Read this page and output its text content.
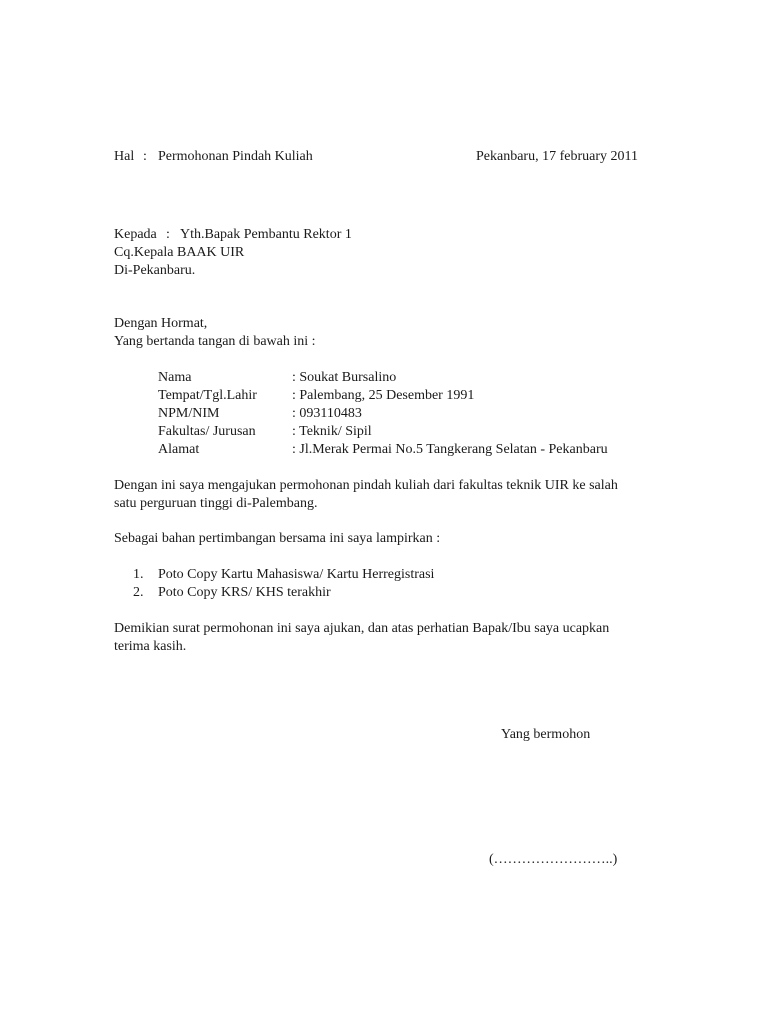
Hal : Permohonan Pindah Kuliah	Pekanbaru, 17 february 2011
Kepada : Yth.Bapak Pembantu Rektor 1
Cq.Kepala BAAK UIR
Di-Pekanbaru.
Dengan Hormat,
Yang bertanda tangan di bawah ini :
Nama	: Soukat Bursalino
Tempat/Tgl.Lahir	: Palembang, 25 Desember 1991
NPM/NIM	: 093110483
Fakultas/ Jurusan	: Teknik/ Sipil
Alamat	: Jl.Merak Permai No.5 Tangkerang Selatan - Pekanbaru
Dengan ini saya mengajukan permohonan pindah kuliah dari fakultas teknik UIR ke salah
satu perguruan tinggi di-Palembang.
Sebagai bahan pertimbangan bersama ini saya lampirkan :
1. Poto Copy Kartu Mahasiswa/ Kartu Herregistrasi
2. Poto Copy KRS/ KHS terakhir
Demikian surat permohonan ini saya ajukan, dan atas perhatian Bapak/Ibu saya ucapkan
terima kasih.
Yang bermohon
(……………………..)
